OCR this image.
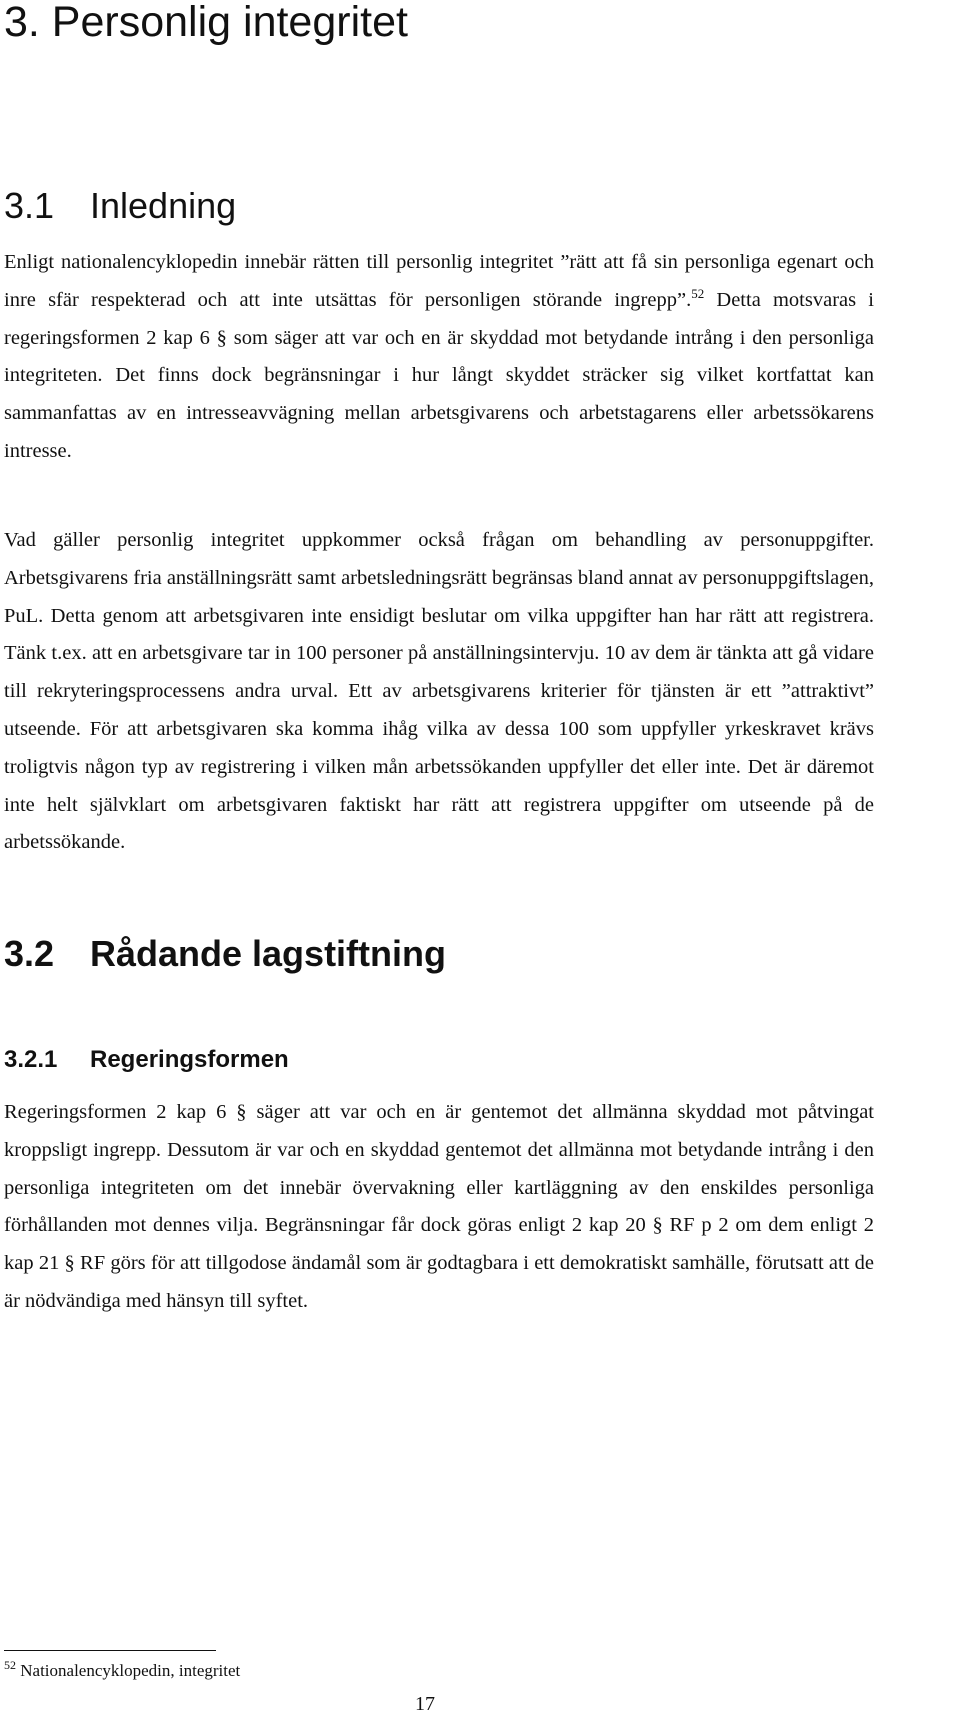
3. Personlig integritet
3.1 Inledning

Enligt nationalencyklopedin innebär rätten till personlig integritet ”rätt att få sin personliga egenart och inre sfär respekterad och att inte utsättas för personligen störande ingrepp”.$^{52}$ Detta motsvaras i regeringsformen 2 kap 6 § som säger att var och en är skyddad mot betydande intrång i den personliga integriteten. Det finns dock begränsningar i hur långt skyddet sträcker sig vilket kortfattat kan sammanfattas av en intresseavvägning mellan arbetsgivarens och arbetstagarens eller arbetssökarens intresse.

Vad gäller personlig integritet uppkommer också frågan om behandling av personuppgifter. Arbetsgivarens fria anställningsrätt samt arbetsledningsrätt begränsas bland annat av personuppgiftslagen, PuL. Detta genom att arbetsgivaren inte ensidigt beslutar om vilka uppgifter han har rätt att registrera. Tänk t.ex. att en arbetsgivare tar in 100 personer på anställningsintervju. 10 av dem är tänkta att gå vidare till rekryteringsprocessens andra urval. Ett av arbetsgivarens kriterier för tjänsten är ett ”attraktivt” utseende. För att arbetsgivaren ska komma ihåg vilka av dessa 100 som uppfyller yrkeskravet krävs troligtvis någon typ av registrering i vilken mån arbetssökanden uppfyller det eller inte. Det är däremot inte helt självklart om arbetsgivaren faktiskt har rätt att registrera uppgifter om utseende på de arbetssökande.

3.2 Rådande lagstiftning
3.2.1 Regeringsformen

Regeringsformen 2 kap 6 § säger att var och en är gentemot det allmänna skyddad mot påtvingat kroppsligt ingrepp. Dessutom är var och en skyddad gentemot det allmänna mot betydande intrång i den personliga integriteten om det innebär övervakning eller kartläggning av den enskildes personliga förhållanden mot dennes vilja. Begränsningar får dock göras enligt 2 kap 20 § RF p 2 om dem enligt 2 kap 21 § RF görs för att tillgodose ändamål som är godtagbara i ett demokratiskt samhälle, förutsatt att de är nödvändiga med hänsyn till syftet.

$^{52}$ Nationalencyklopedin, integritet
17
